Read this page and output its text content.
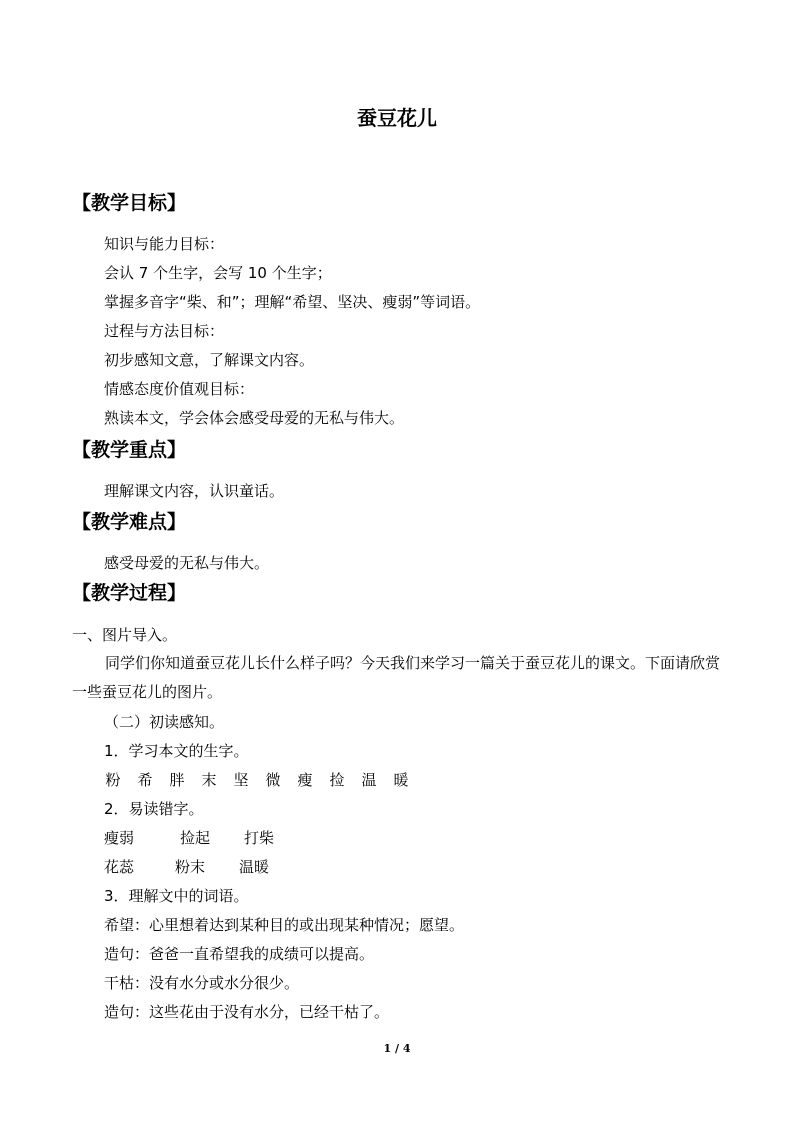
蚕豆花儿
【教学目标】
知识与能力目标：
会认 7 个生字，会写 10 个生字；
掌握多音字“柴、和”；理解“希望、坚决、瘦弱”等词语。
过程与方法目标：
初步感知文意，了解课文内容。
情感态度价值观目标：
熟读本文，学会体会感受母爱的无私与伟大。
【教学重点】
理解课文内容，认识童话。
【教学难点】
感受母爱的无私与伟大。
【教学过程】
一、图片导入。
同学们你知道蚕豆花儿长什么样子吗？今天我们来学习一篇关于蚕豆花儿的课文。下面请欣赏一些蚕豆花儿的图片。
（二）初读感知。
1．学习本文的生字。
粉 希 胖 末 坚 微 瘦 捡 温 暖
2．易读错字。
瘦弱	捡起 打柴
花蕊	粉末 温暖
3．理解文中的词语。
希望：心里想着达到某种目的或出现某种情况；愿望。
造句：爸爸一直希望我的成绩可以提高。
干枯：没有水分或水分很少。
造句：这些花由于没有水分，已经干枯了。
1 / 4
